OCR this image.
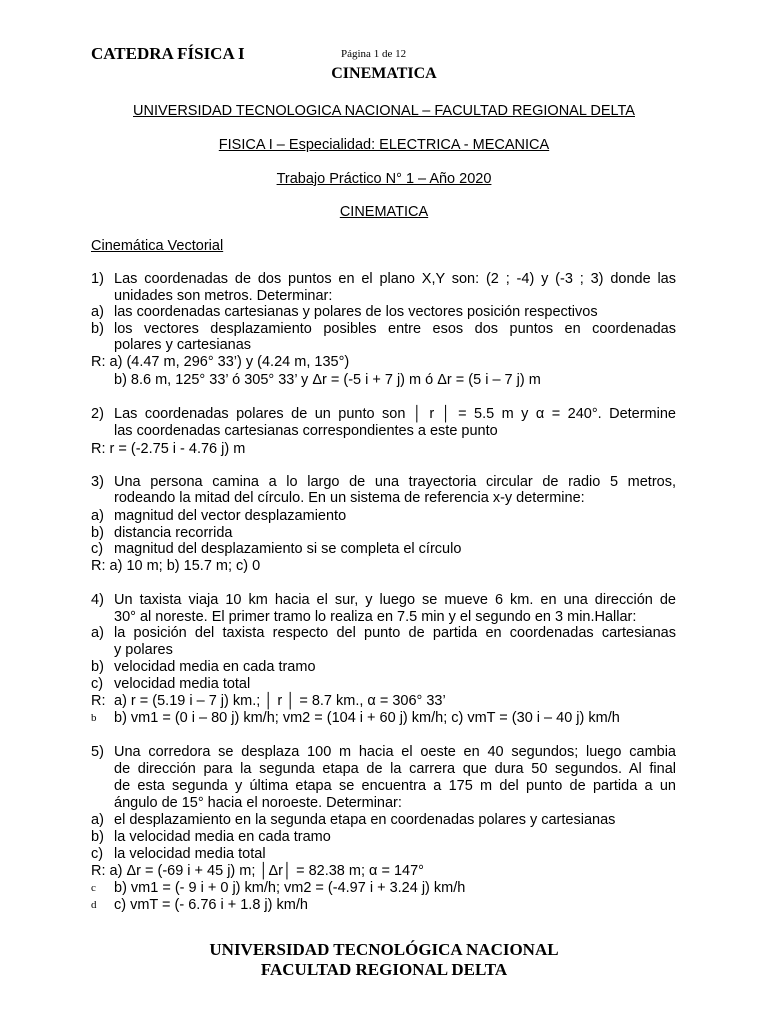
CATEDRA FÍSICA I	Página 1 de 12
CINEMATICA
UNIVERSIDAD TECNOLOGICA NACIONAL – FACULTAD REGIONAL DELTA
FISICA I – Especialidad: ELECTRICA - MECANICA
Trabajo Práctico N° 1 – Año 2020
CINEMATICA
Cinemática Vectorial
1) Las coordenadas de dos puntos en el plano X,Y son: (2 ; -4) y (-3 ; 3) donde las
unidades son metros. Determinar:
a) las coordenadas cartesianas y polares de los vectores posición respectivos
b) los vectores desplazamiento posibles entre esos dos puntos en coordenadas
polares y cartesianas
R: a) (4.47 m, 296° 33’) y (4.24 m, 135°)
b) 8.6 m, 125° 33’ ó 305° 33’ y Δr = (-5 i + 7 j) m ó Δr = (5 i – 7 j) m
2) Las coordenadas polares de un punto son │ r │ = 5.5 m y α = 240°. Determine
las coordenadas cartesianas correspondientes a este punto
R: r = (-2.75 i - 4.76 j) m
3) Una persona camina a lo largo de una trayectoria circular de radio 5 metros,
rodeando la mitad del círculo. En un sistema de referencia x-y determine:
a) magnitud del vector desplazamiento
b) distancia recorrida
c) magnitud del desplazamiento si se completa el círculo
R: a) 10 m; b) 15.7 m; c) 0
4) Un taxista viaja 10 km hacia el sur, y luego se mueve 6 km. en una dirección de
30° al noreste. El primer tramo lo realiza en 7.5 min y el segundo en 3 min.Hallar:
a) la posición del taxista respecto del punto de partida en coordenadas cartesianas
y polares
b) velocidad media en cada tramo
c) velocidad media total
R: a) r = (5.19 i – 7 j) km.; │ r │ = 8.7 km., α = 306° 33’
b b) vm1 = (0 i – 80 j) km/h; vm2 = (104 i + 60 j) km/h; c) vmT = (30 i – 40 j) km/h
5) Una corredora se desplaza 100 m hacia el oeste en 40 segundos; luego cambia
de dirección para la segunda etapa de la carrera que dura 50 segundos. Al final
de esta segunda y última etapa se encuentra a 175 m del punto de partida a un
ángulo de 15° hacia el noroeste. Determinar:
a) el desplazamiento en la segunda etapa en coordenadas polares y cartesianas
b) la velocidad media en cada tramo
c) la velocidad media total
R: a) Δr = (-69 i + 45 j) m; │Δr│ = 82.38 m; α = 147°
c b) vm1 = (- 9 i + 0 j) km/h; vm2 = (-4.97 i + 3.24 j) km/h
d c) vmT = (- 6.76 i + 1.8 j) km/h
UNIVERSIDAD TECNOLÓGICA NACIONAL
FACULTAD REGIONAL DELTA
